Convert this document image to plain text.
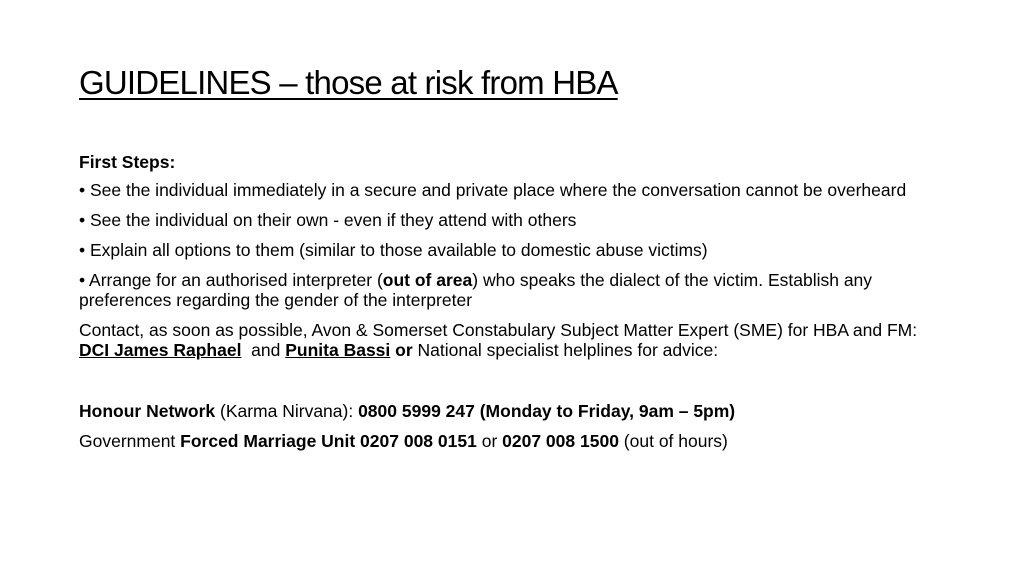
GUIDELINES – those at risk from HBA

First Steps:

• See the individual immediately in a secure and private place where the conversation cannot be overheard

• See the individual on their own - even if they attend with others

• Explain all options to them (similar to those available to domestic abuse victims)

• Arrange for an authorised interpreter (out of area) who speaks the dialect of the victim. Establish any preferences regarding the gender of the interpreter

Contact, as soon as possible, Avon & Somerset Constabulary Subject Matter Expert (SME) for HBA and FM: DCI James Raphael  and Punita Bassi or National specialist helplines for advice:

Honour Network (Karma Nirvana): 0800 5999 247 (Monday to Friday, 9am – 5pm)

Government Forced Marriage Unit 0207 008 0151 or 0207 008 1500 (out of hours)
